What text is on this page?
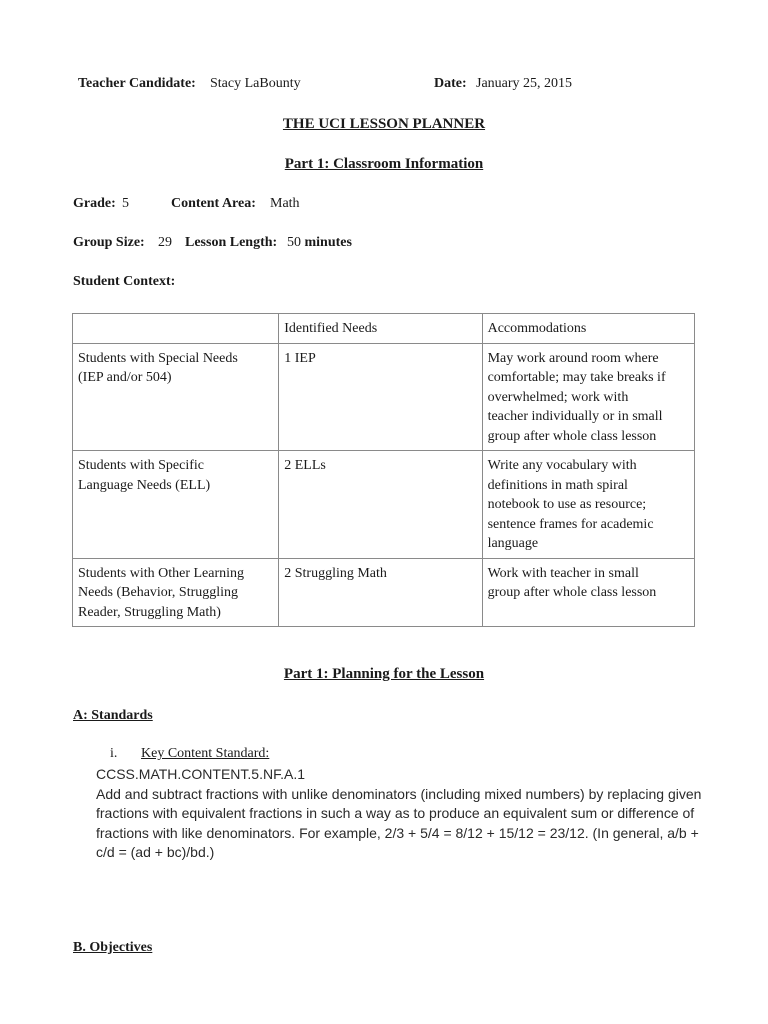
Teacher Candidate: Stacy LaBounty	Date: January 25, 2015
THE UCI LESSON PLANNER
Part 1: Classroom Information
Grade: 5	Content Area: Math
Group Size: 29 Lesson Length: 50 minutes
Student Context:
	Identified Needs	Accommodations

Students with Special Needs
(IEP and/or 504)	1 IEP	May work around room where
comfortable; may take breaks if
overwhelmed; work with
teacher individually or in small
group after whole class lesson

Students with Specific
Language Needs (ELL)	2 ELLs	Write any vocabulary with
definitions in math spiral
notebook to use as resource;
sentence frames for academic
language

Students with Other Learning
Needs (Behavior, Struggling
Reader, Struggling Math)	2 Struggling Math	Work with teacher in small
group after whole class lesson
Part 1: Planning for the Lesson
A: Standards
i. Key Content Standard:
CCSS.MATH.CONTENT.5.NF.A.1
Add and subtract fractions with unlike denominators (including mixed numbers) by replacing given
fractions with equivalent fractions in such a way as to produce an equivalent sum or difference of
fractions with like denominators. For example, 2/3 + 5/4 = 8/12 + 15/12 = 23/12. (In general, a/b +
c/d = (ad + bc)/bd.)
B. Objectives
